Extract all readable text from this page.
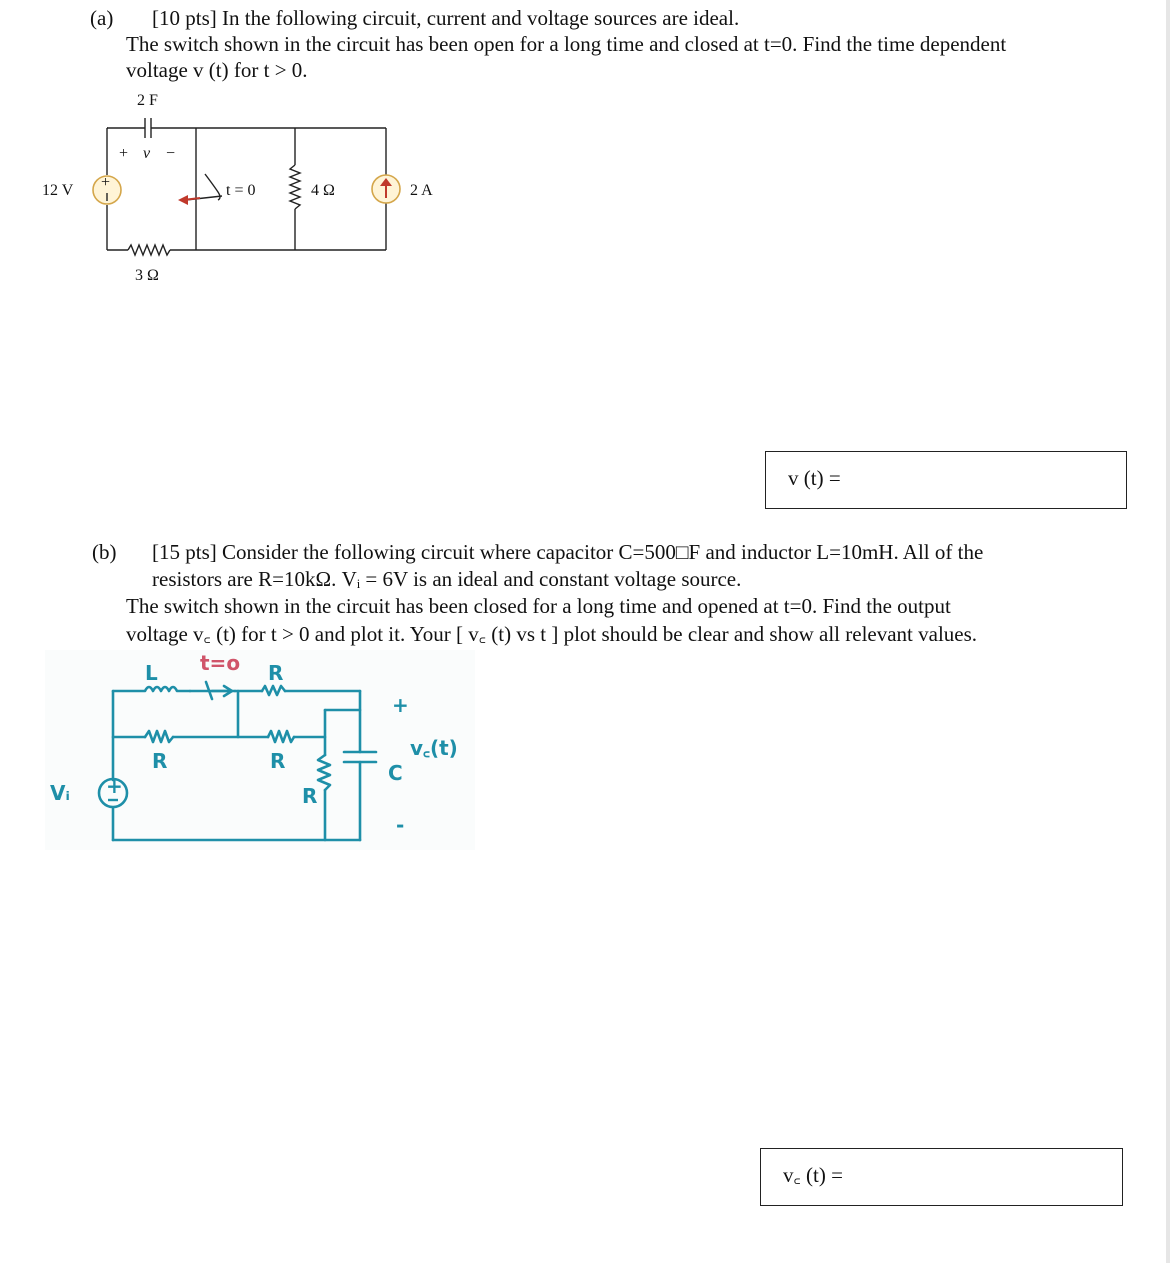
(a) [10 pts] In the following circuit, current and voltage sources are ideal.
The switch shown in the circuit has been open for a long time and closed at t=0. Find the time dependent
voltage v (t) for t > 0.
+
2 F
+ v −
12 V	t = 0	4 Ω	2 A
3 Ω
v (t) =
(b) [15 pts] Consider the following circuit where capacitor C=500□F and inductor L=10mH. All of the
resistors are R=10kΩ. Vᵢ = 6V is an ideal and constant voltage source.
The switch shown in the circuit has been closed for a long time and opened at t=0. Find the output
voltage v꜀ (t) for t > 0 and plot it. Your [ v꜀ (t) vs t ] plot should be clear and show all relevant values.
+
L t=o R
R	R
R
C
+
-
v꜀(t)
Vᵢ
v꜀ (t) =
